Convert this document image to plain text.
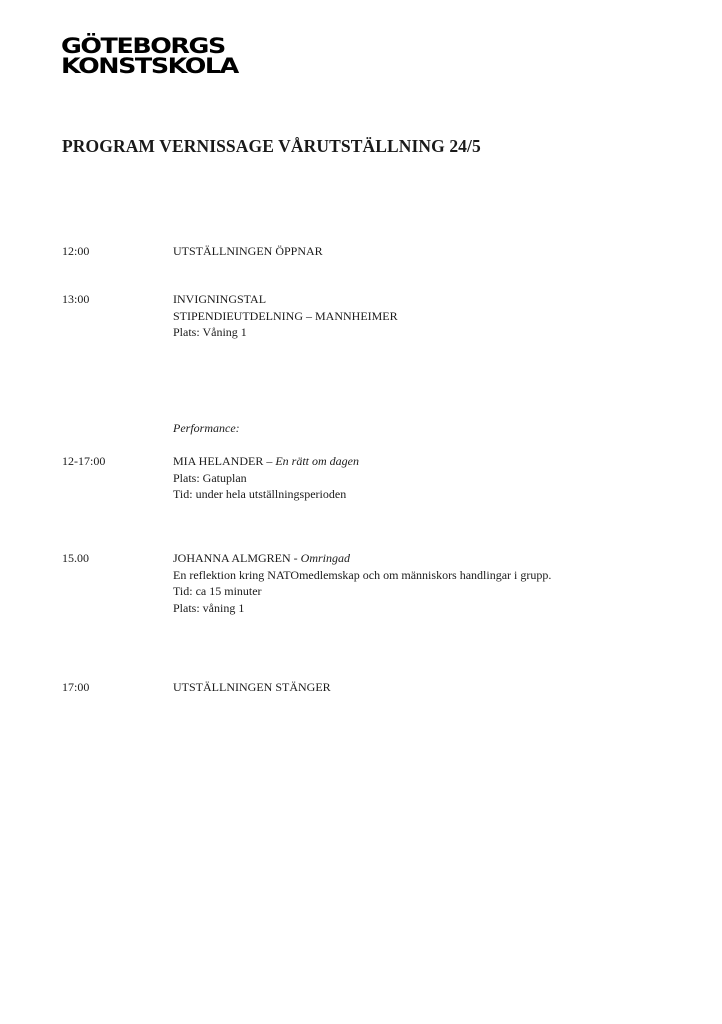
GÖTEBORGS
KONSTSKOLA
PROGRAM VERNISSAGE VÅRUTSTÄLLNING 24/5
12:00	UTSTÄLLNINGEN ÖPPNAR
13:00	INVIGNINGSTAL
STIPENDIEUTDELNING – MANNHEIMER
Plats: Våning 1
Performance:
12-17:00	MIA HELANDER – En rätt om dagen
Plats: Gatuplan
Tid: under hela utställningsperioden
15.00	JOHANNA ALMGREN - Omringad
En reflektion kring NATOmedlemskap och om människors handlingar i grupp.
Tid: ca 15 minuter
Plats: våning 1
17:00	UTSTÄLLNINGEN STÄNGER
